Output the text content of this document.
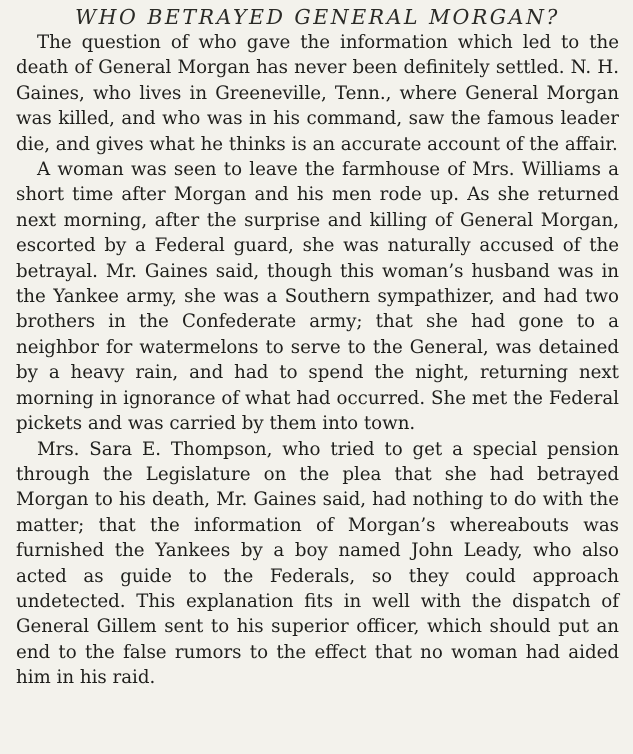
WHO BETRAYED GENERAL MORGAN?

The question of who gave the information which led to the death of General Morgan has never been definitely settled. N. H. Gaines, who lives in Greeneville, Tenn., where General Morgan was killed, and who was in his command, saw the famous leader die, and gives what he thinks is an accurate account of the affair.

A woman was seen to leave the farmhouse of Mrs. Williams a short time after Morgan and his men rode up. As she returned next morning, after the surprise and killing of General Morgan, escorted by a Federal guard, she was naturally accused of the betrayal. Mr. Gaines said, though this woman’s husband was in the Yankee army, she was a Southern sympathizer, and had two brothers in the Confederate army; that she had gone to a neighbor for watermelons to serve to the General, was detained by a heavy rain, and had to spend the night, returning next morning in ignorance of what had occurred. She met the Federal pickets and was carried by them into town.

Mrs. Sara E. Thompson, who tried to get a special pension through the Legislature on the plea that she had betrayed Morgan to his death, Mr. Gaines said, had nothing to do with the matter; that the information of Morgan’s whereabouts was furnished the Yankees by a boy named John Leady, who also acted as guide to the Federals, so they could approach undetected. This explanation fits in well with the dispatch of General Gillem sent to his superior officer, which should put an end to the false rumors to the effect that no woman had aided him in his raid.
